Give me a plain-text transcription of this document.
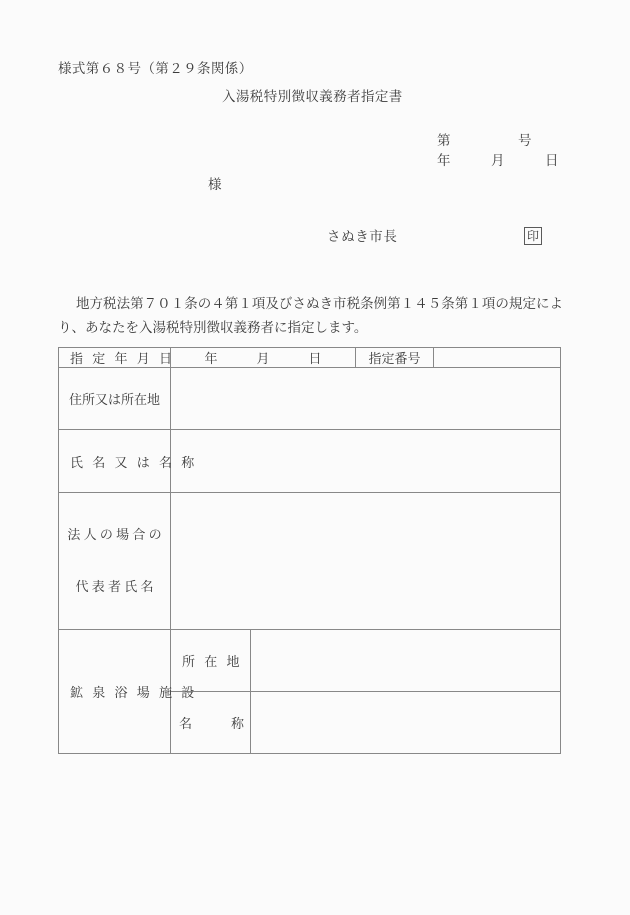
様式第６８号（第２９条関係）
入湯税特別徴収義務者指定書
第　　　　　号
年　　　月　　　日
様
さぬき市長	印
地方税法第７０１条の４第１項及びさぬき市税条例第１４５条第１項の規定により、あなたを入湯税特別徴収義務者に指定します。
指 定 年 月 日	年　　　月　　　日		指定番号	
住所又は所在地				
氏 名 又 は 名 称				

法 人 の 場 合 の

代 表 者 氏 名				

鉱 泉 浴 場 施 設	所 在 地			
	名　　　称			
